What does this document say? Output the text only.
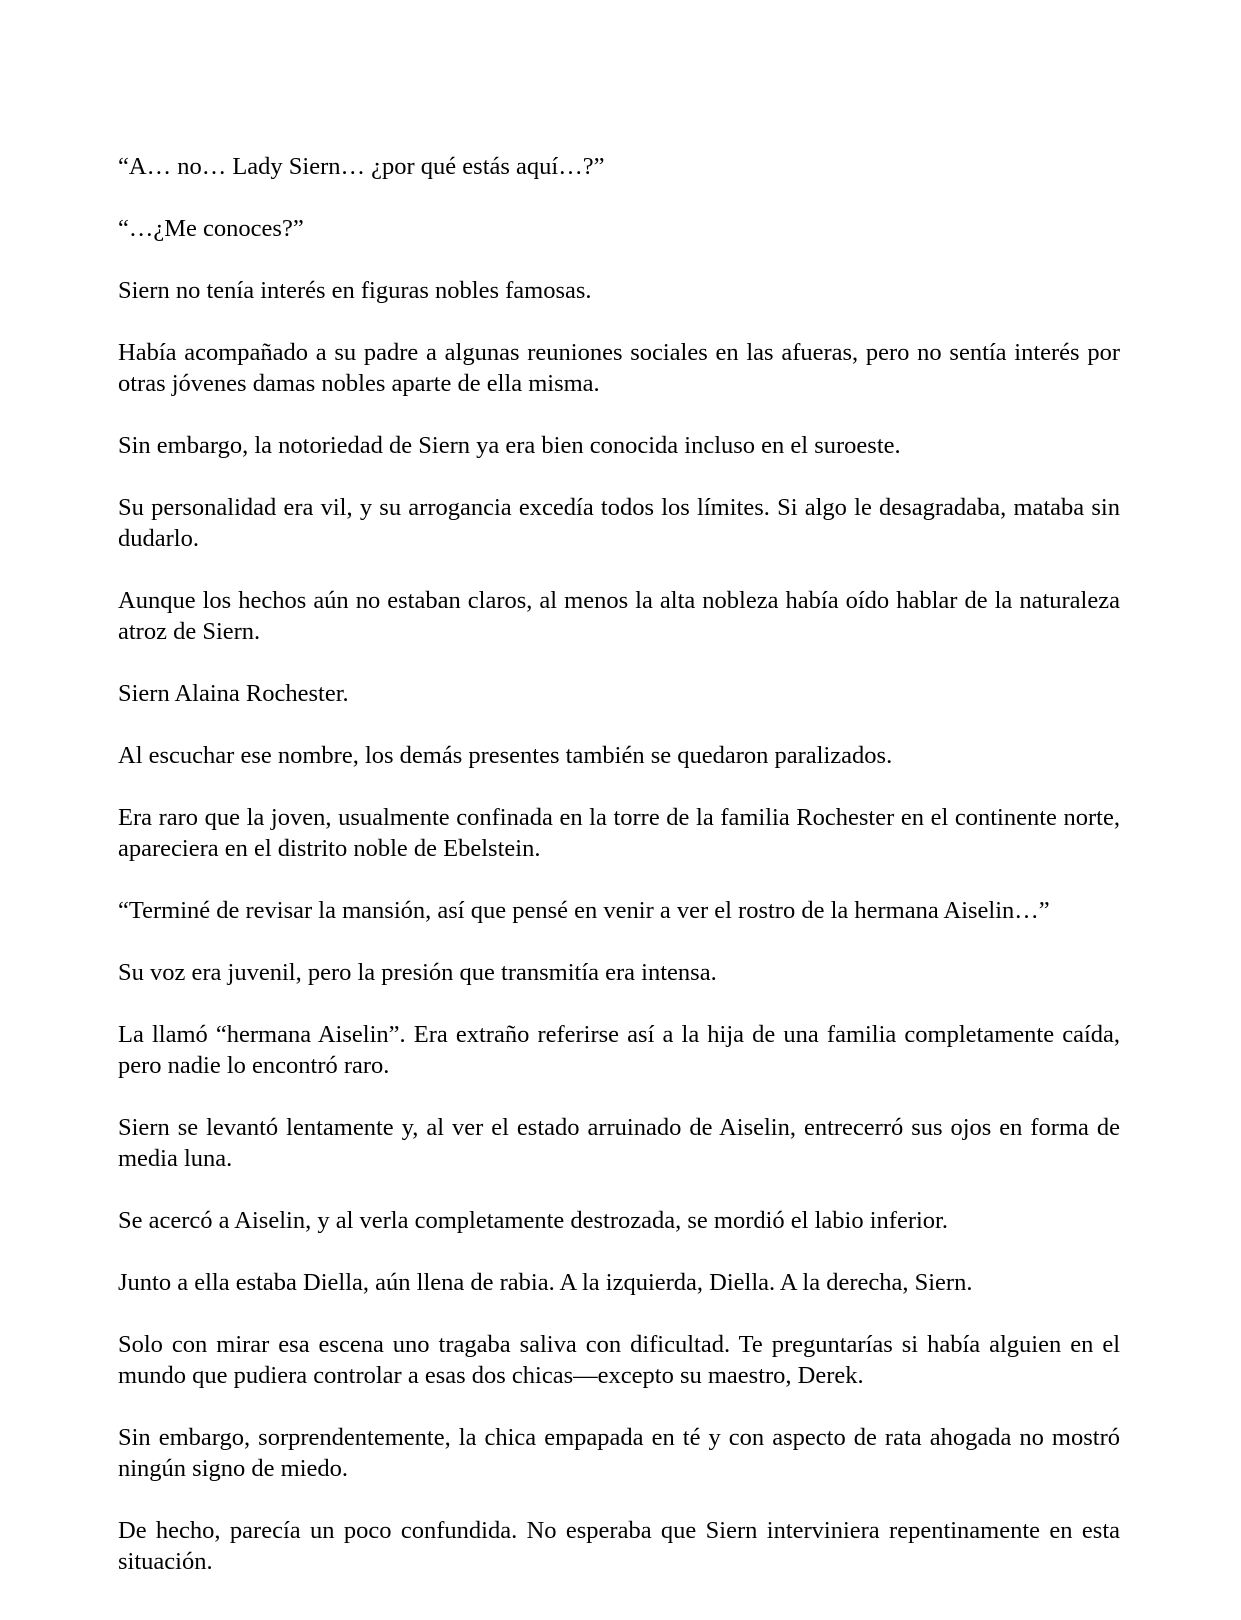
“A… no… Lady Siern… ¿por qué estás aquí…?”

“…¿Me conoces?”

Siern no tenía interés en figuras nobles famosas.

Había acompañado a su padre a algunas reuniones sociales en las afueras, pero no sentía interés por otras jóvenes damas nobles aparte de ella misma.

Sin embargo, la notoriedad de Siern ya era bien conocida incluso en el suroeste.

Su personalidad era vil, y su arrogancia excedía todos los límites. Si algo le desagradaba, mataba sin dudarlo.

Aunque los hechos aún no estaban claros, al menos la alta nobleza había oído hablar de la naturaleza atroz de Siern.

Siern Alaina Rochester.

Al escuchar ese nombre, los demás presentes también se quedaron paralizados.

Era raro que la joven, usualmente confinada en la torre de la familia Rochester en el continente norte, apareciera en el distrito noble de Ebelstein.

“Terminé de revisar la mansión, así que pensé en venir a ver el rostro de la hermana Aiselin…”

Su voz era juvenil, pero la presión que transmitía era intensa.

La llamó “hermana Aiselin”. Era extraño referirse así a la hija de una familia completamente caída, pero nadie lo encontró raro.

Siern se levantó lentamente y, al ver el estado arruinado de Aiselin, entrecerró sus ojos en forma de media luna.

Se acercó a Aiselin, y al verla completamente destrozada, se mordió el labio inferior.

Junto a ella estaba Diella, aún llena de rabia. A la izquierda, Diella. A la derecha, Siern.

Solo con mirar esa escena uno tragaba saliva con dificultad. Te preguntarías si había alguien en el mundo que pudiera controlar a esas dos chicas—excepto su maestro, Derek.

Sin embargo, sorprendentemente, la chica empapada en té y con aspecto de rata ahogada no mostró ningún signo de miedo.

De hecho, parecía un poco confundida. No esperaba que Siern interviniera repentinamente en esta situación.
